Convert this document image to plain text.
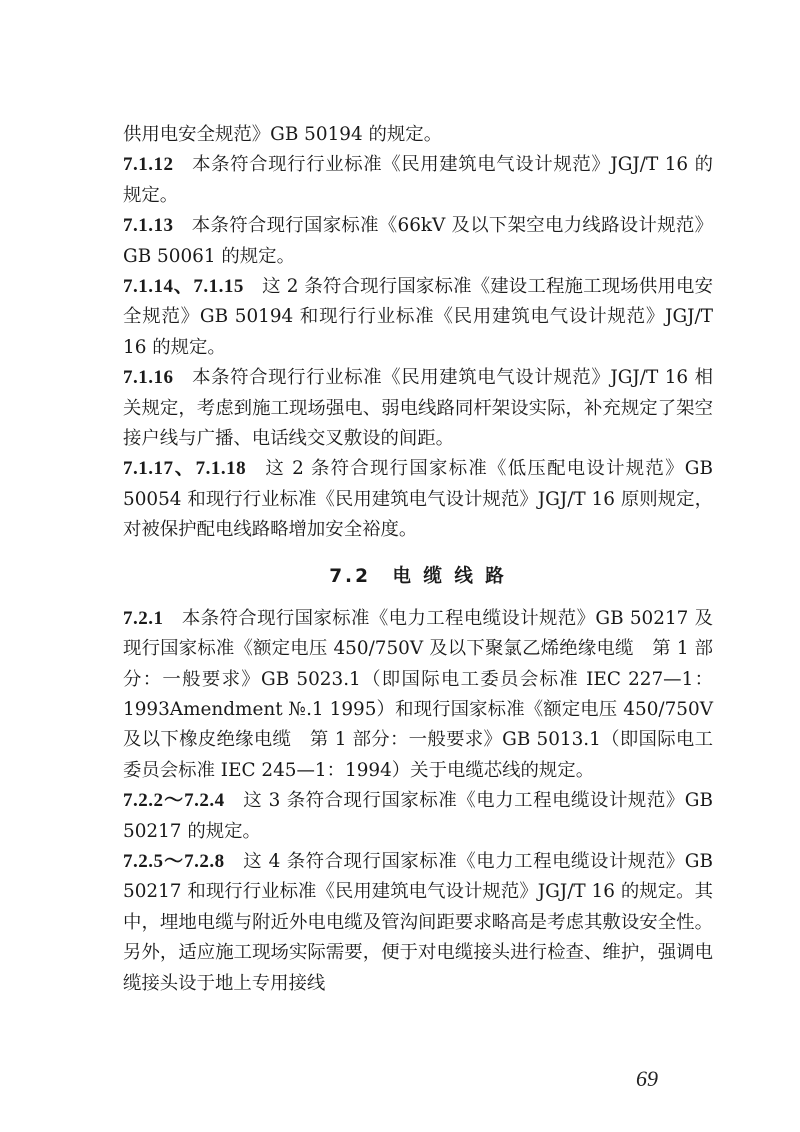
供用电安全规范》GB 50194 的规定。

7.1.12 本条符合现行行业标准《民用建筑电气设计规范》JGJ/T 16 的规定。

7.1.13 本条符合现行国家标准《66kV 及以下架空电力线路设计规范》GB 50061 的规定。

7.1.14、7.1.15 这 2 条符合现行国家标准《建设工程施工现场供用电安全规范》GB 50194 和现行行业标准《民用建筑电气设计规范》JGJ/T 16 的规定。

7.1.16 本条符合现行行业标准《民用建筑电气设计规范》JGJ/T 16 相关规定，考虑到施工现场强电、弱电线路同杆架设实际，补充规定了架空接户线与广播、电话线交叉敷设的间距。

7.1.17、7.1.18 这 2 条符合现行国家标准《低压配电设计规范》GB 50054 和现行行业标准《民用建筑电气设计规范》JGJ/T 16 原则规定，对被保护配电线路略增加安全裕度。

7.2　电 缆 线 路

7.2.1 本条符合现行国家标准《电力工程电缆设计规范》GB 50217 及现行国家标准《额定电压 450/750V 及以下聚氯乙烯绝缘电缆　第 1 部分：一般要求》GB 5023.1（即国际电工委员会标准 IEC 227—1：1993Amendment №.1 1995）和现行国家标准《额定电压 450/750V 及以下橡皮绝缘电缆　第 1 部分：一般要求》GB 5013.1（即国际电工委员会标准 IEC 245—1：1994）关于电缆芯线的规定。

7.2.2～7.2.4 这 3 条符合现行国家标准《电力工程电缆设计规范》GB 50217 的规定。

7.2.5～7.2.8 这 4 条符合现行国家标准《电力工程电缆设计规范》GB 50217 和现行行业标准《民用建筑电气设计规范》JGJ/T 16 的规定。其中，埋地电缆与附近外电电缆及管沟间距要求略高是考虑其敷设安全性。另外，适应施工现场实际需要，便于对电缆接头进行检查、维护，强调电缆接头设于地上专用接线

69
